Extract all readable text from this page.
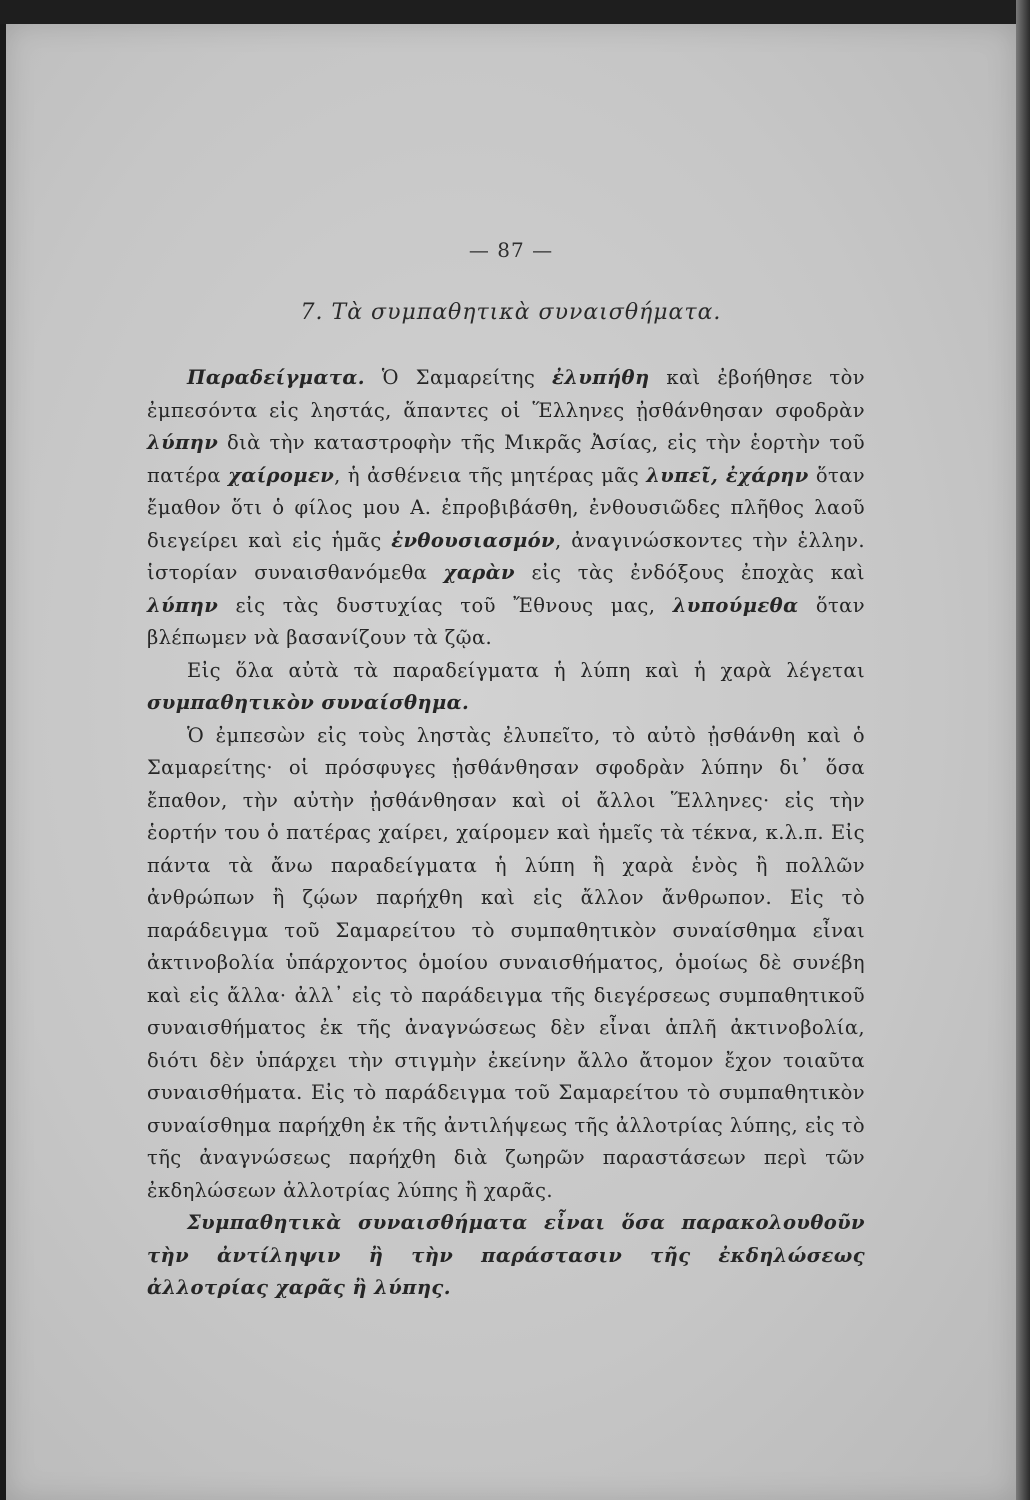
— 87 —
7. Τὰ συμπαθητικὰ συναισθήματα.

Παραδείγματα. Ὁ Σαμαρείτης ἐλυπήθη καὶ ἐβοήθησε τὸν ἐμπεσόντα εἰς ληστάς, ἅπαντες οἱ Ἕλληνες ᾐσθάνθησαν σφοδρὰν λύπην διὰ τὴν καταστροφὴν τῆς Μικρᾶς Ἀσίας, εἰς τὴν ἑορτὴν τοῦ πατέρα χαίρομεν, ἡ ἀσθένεια τῆς μητέρας μᾶς λυπεῖ, ἐχάρην ὅταν ἔμαθον ὅτι ὁ φίλος μου Α. ἐπροβιβάσθη, ἐνθουσιῶδες πλῆθος λαοῦ διεγείρει καὶ εἰς ἡμᾶς ἐνθουσιασμόν, ἀναγινώσκοντες τὴν ἑλλην. ἱστορίαν συναισθανόμεθα χαρὰν εἰς τὰς ἐνδόξους ἐποχὰς καὶ λύπην εἰς τὰς δυστυχίας τοῦ Ἔθνους μας, λυπούμεθα ὅταν βλέπωμεν νὰ βασανίζουν τὰ ζῷα.

Εἰς ὅλα αὐτὰ τὰ παραδείγματα ἡ λύπη καὶ ἡ χαρὰ λέγεται συμπαθητικὸν συναίσθημα.

Ὁ ἐμπεσὼν εἰς τοὺς ληστὰς ἐλυπεῖτο, τὸ αὐτὸ ᾐσθάνθη καὶ ὁ Σαμαρείτης· οἱ πρόσφυγες ᾐσθάνθησαν σφοδρὰν λύπην δι᾽ ὅσα ἔπαθον, τὴν αὐτὴν ᾐσθάνθησαν καὶ οἱ ἄλλοι Ἕλληνες· εἰς τὴν ἑορτήν του ὁ πατέρας χαίρει, χαίρομεν καὶ ἡμεῖς τὰ τέκνα, κ.λ.π. Εἰς πάντα τὰ ἄνω παραδείγματα ἡ λύπη ἢ χαρὰ ἑνὸς ἢ πολλῶν ἀνθρώπων ἢ ζῴων παρήχθη καὶ εἰς ἄλλον ἄνθρωπον. Εἰς τὸ παράδειγμα τοῦ Σαμαρείτου τὸ συμπαθητικὸν συναίσθημα εἶναι ἀκτινοβολία ὑπάρχοντος ὁμοίου συναισθήματος, ὁμοίως δὲ συνέβη καὶ εἰς ἄλλα· ἀλλ᾽ εἰς τὸ παράδειγμα τῆς διεγέρσεως συμπαθητικοῦ συναισθήματος ἐκ τῆς ἀναγνώσεως δὲν εἶναι ἁπλῆ ἀκτινοβολία, διότι δὲν ὑπάρχει τὴν στιγμὴν ἐκείνην ἄλλο ἄτομον ἔχον τοιαῦτα συναισθήματα. Εἰς τὸ παράδειγμα τοῦ Σαμαρείτου τὸ συμπαθητικὸν συναίσθημα παρήχθη ἐκ τῆς ἀντιλήψεως τῆς ἀλλοτρίας λύπης, εἰς τὸ τῆς ἀναγνώσεως παρήχθη διὰ ζωηρῶν παραστάσεων περὶ τῶν ἐκδηλώσεων ἀλλοτρίας λύπης ἢ χαρᾶς.

Συμπαθητικὰ συναισθήματα εἶναι ὅσα παρακολουθοῦν τὴν ἀντίληψιν ἢ τὴν παράστασιν τῆς ἐκδηλώσεως ἀλλοτρίας χαρᾶς ἢ λύπης.
